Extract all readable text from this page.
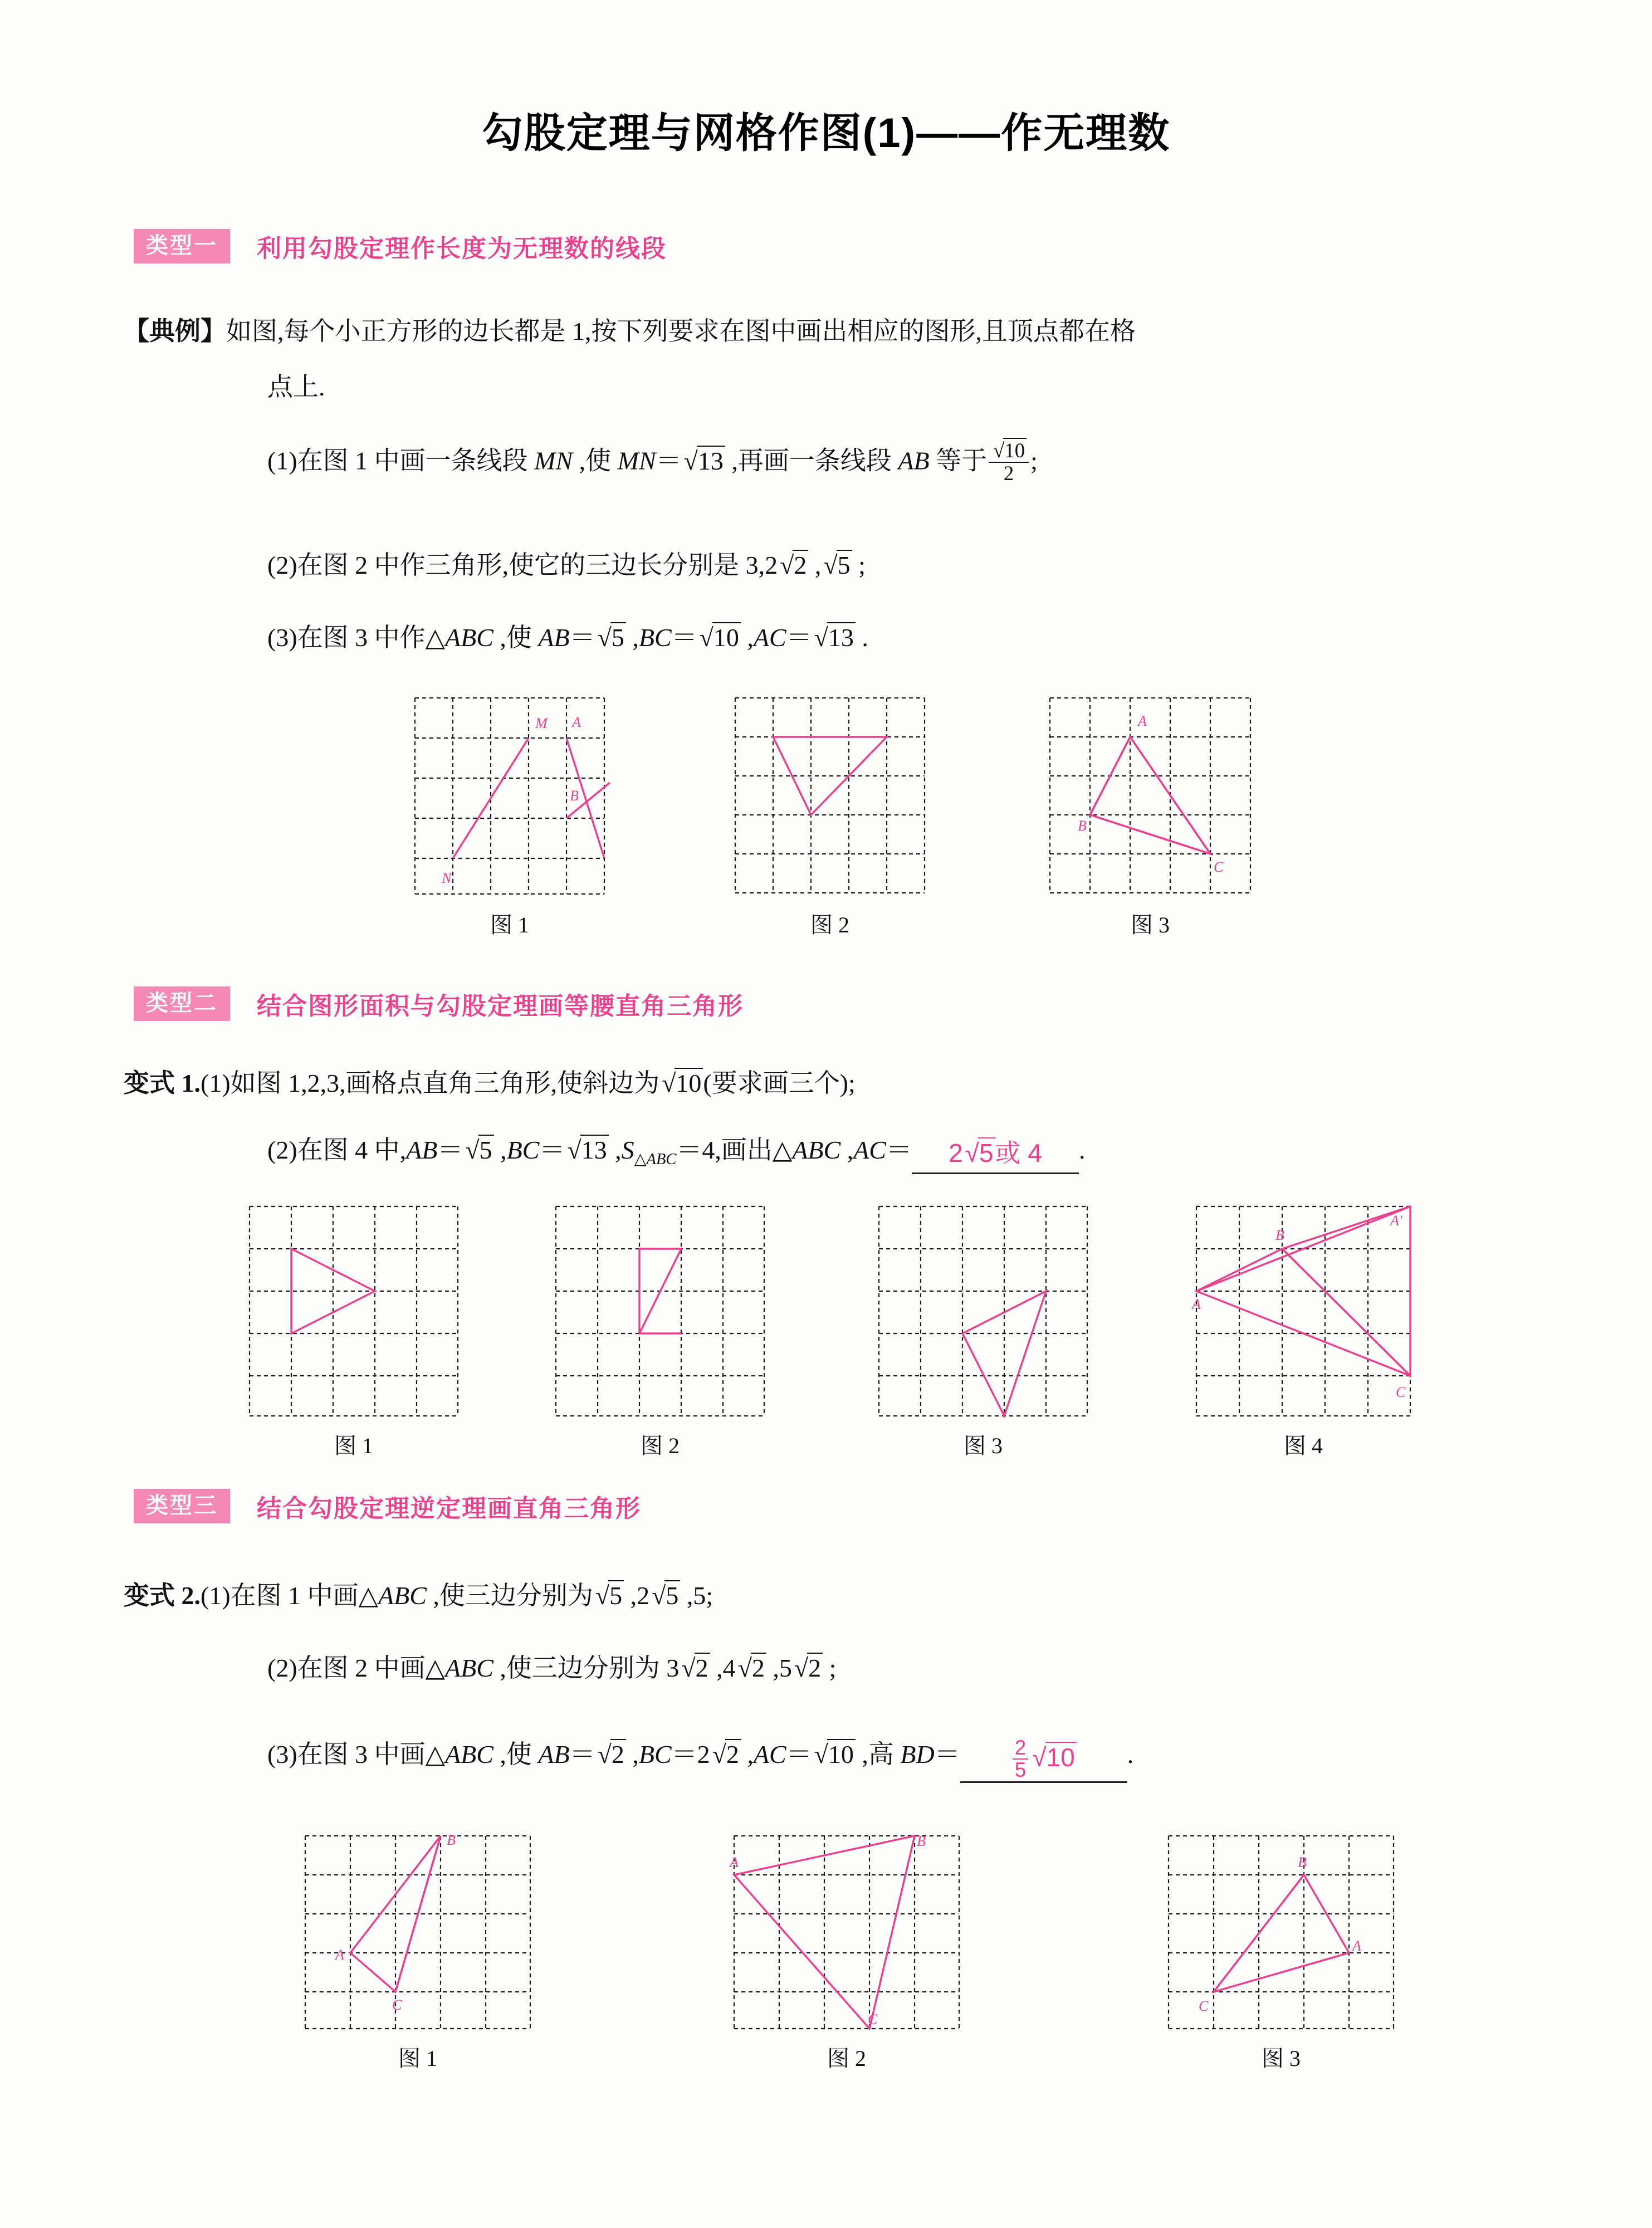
勾股定理与网格作图(1)——作无理数
类型一	利用勾股定理作长度为无理数的线段
【典例】如图,每个小正方形的边长都是 1,按下列要求在图中画出相应的图形,且顶点都在格
点上.
(1)在图 1 中画一条线段 MN ,使 MN＝√13 ,再画一条线段 AB 等于 $\frac{√10}{2}$ ;
(2)在图 2 中作三角形,使它的三边长分别是 3,2√2 ,√5 ;
(3)在图 3 中作△ABC ,使 AB＝√5 ,BC＝√10 ,AC＝√13 .
M A
B
N
图 1	图 2
A
B
C
图 3
类型二	结合图形面积与勾股定理画等腰直角三角形
变式 1.(1)如图 1,2,3,画格点直角三角形,使斜边为√10(要求画三个);
(2)在图 4 中,AB＝√5 ,BC＝√13 $,S_{\triangle ABC}=4$,画出△ABC ,AC＝ 2√5或 4 .
图 1	图 2	图 3
B
A′
A
C
图 4
类型三	结合勾股定理逆定理画直角三角形
变式 2.(1)在图 1 中画△ABC ,使三边分别为√5 ,2√5 ,5;
(2)在图 2 中画△ABC ,使三边分别为 3√2 ,4√2 ,5√2 ;
(3)在图 3 中画△ABC ,使 AB＝√2 ,BC＝2√2 ,AC＝√10 ,高 BD＝	$\frac{2}{5} √10$ .
B
A
C
图 1
B
A
C
图 2
B
A
C
图 3
